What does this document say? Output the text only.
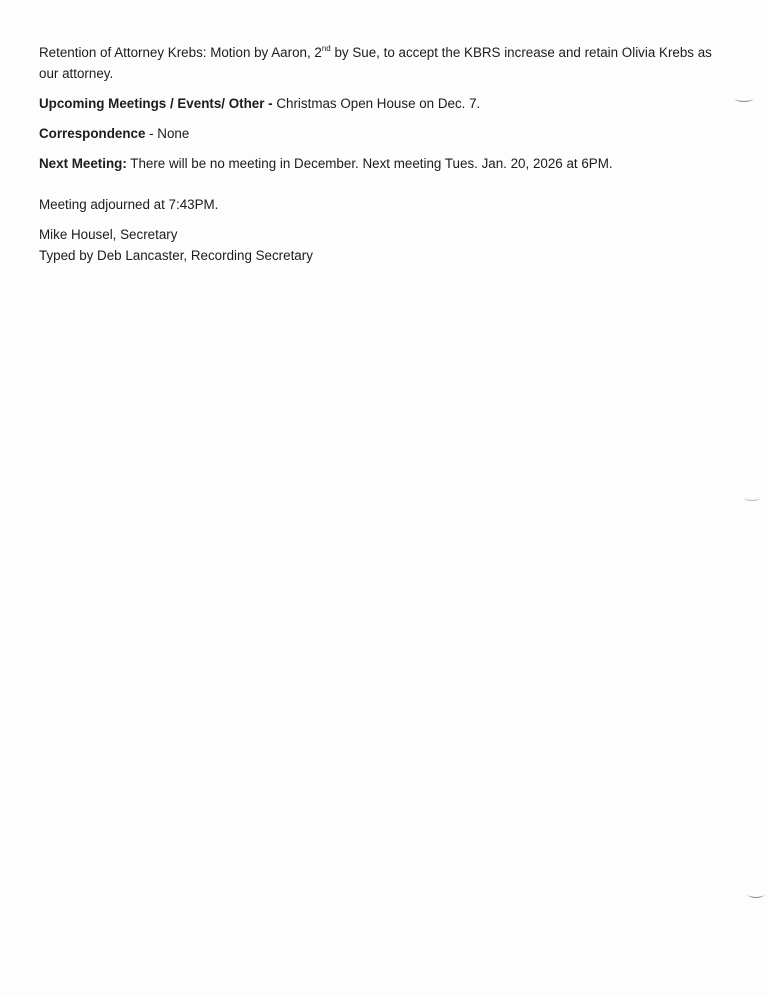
Retention of Attorney Krebs: Motion by Aaron, 2nd by Sue, to accept the KBRS increase and retain Olivia Krebs as our attorney.

Upcoming Meetings / Events/ Other - Christmas Open House on Dec. 7.

Correspondence - None

Next Meeting: There will be no meeting in December. Next meeting Tues. Jan. 20, 2026 at 6PM.

Meeting adjourned at 7:43PM.

Mike Housel, Secretary
Typed by Deb Lancaster, Recording Secretary
